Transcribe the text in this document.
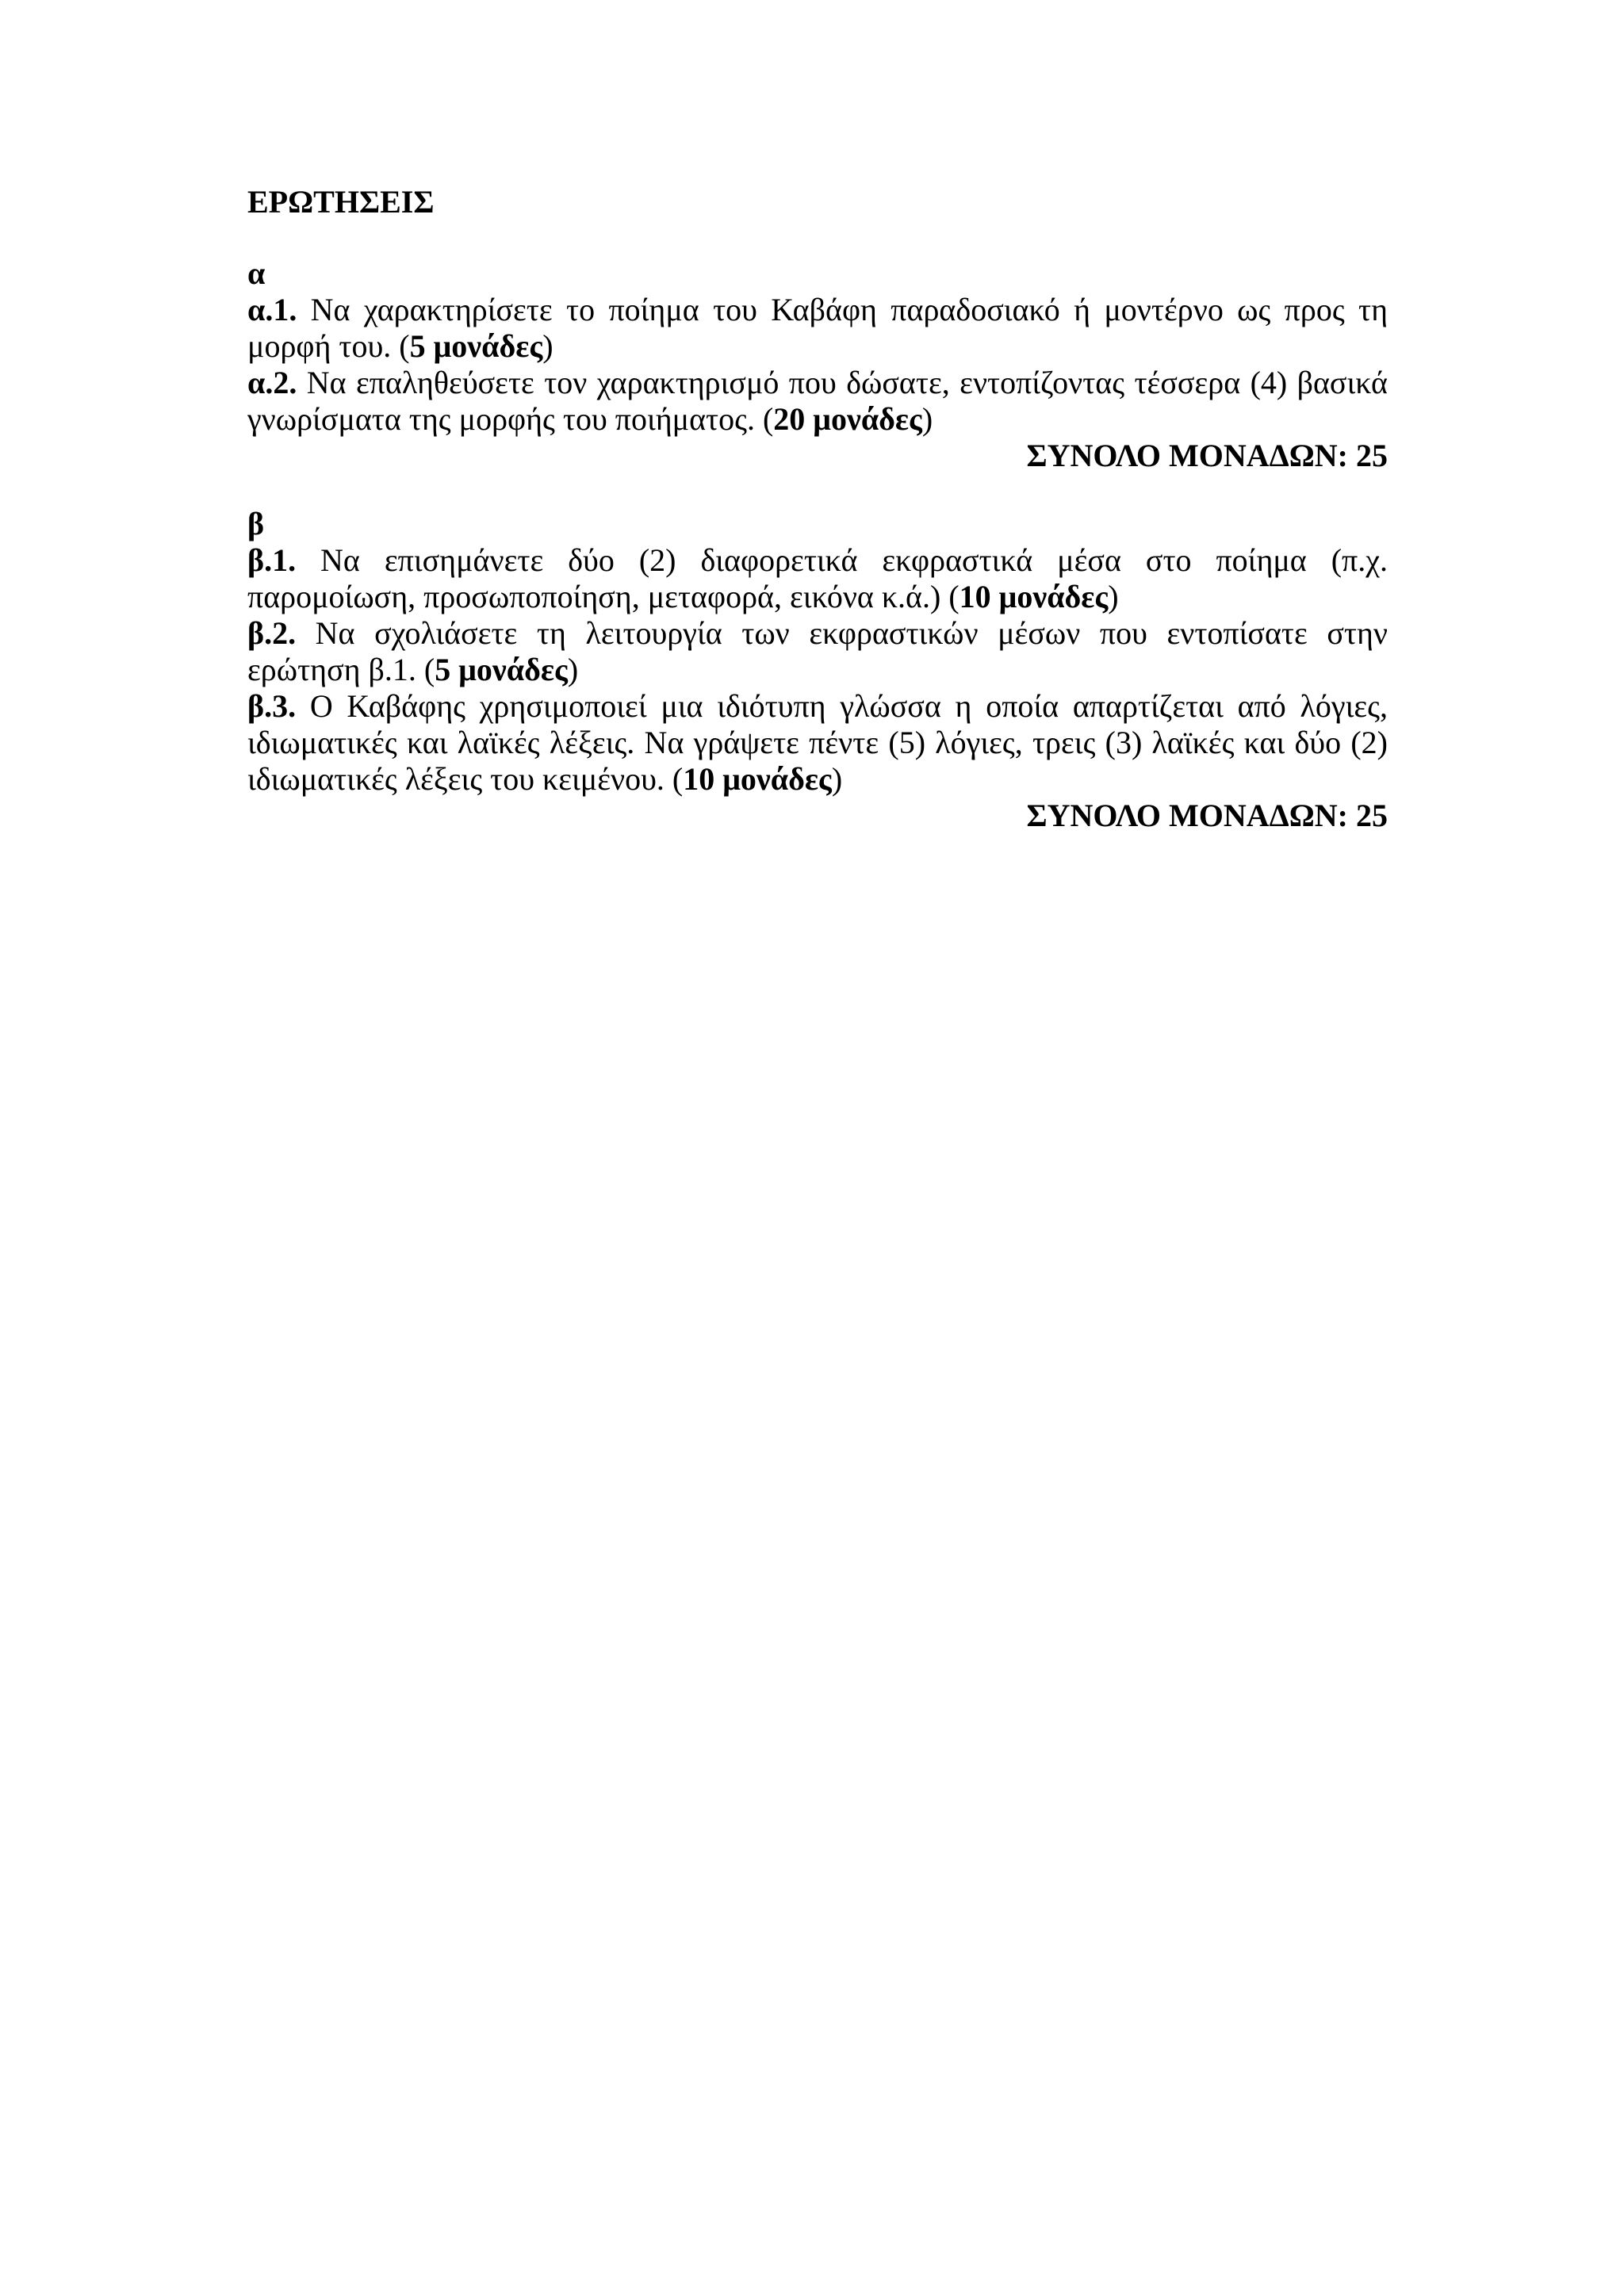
ΕΡΩΤΗΣΕΙΣ

α

α.1. Να χαρακτηρίσετε το ποίημα του Καβάφη παραδοσιακό ή μοντέρνο ως προς τη μορφή του. (5 μονάδες)

α.2. Να επαληθεύσετε τον χαρακτηρισμό που δώσατε, εντοπίζοντας τέσσερα (4) βασικά γνωρίσματα της μορφής του ποιήματος. (20 μονάδες)

ΣΥΝΟΛΟ ΜΟΝΑΔΩΝ: 25

β

β.1. Να επισημάνετε δύο (2) διαφορετικά εκφραστικά μέσα στο ποίημα (π.χ. παρομοίωση, προσωποποίηση, μεταφορά, εικόνα κ.ά.) (10 μονάδες)

β.2. Να σχολιάσετε τη λειτουργία των εκφραστικών μέσων που εντοπίσατε στην ερώτηση β.1. (5 μονάδες)

β.3. Ο Καβάφης χρησιμοποιεί μια ιδιότυπη γλώσσα η οποία απαρτίζεται από λόγιες, ιδιωματικές και λαϊκές λέξεις. Να γράψετε πέντε (5) λόγιες, τρεις (3) λαϊκές και δύο (2) ιδιωματικές λέξεις του κειμένου. (10 μονάδες)

ΣΥΝΟΛΟ ΜΟΝΑΔΩΝ: 25
